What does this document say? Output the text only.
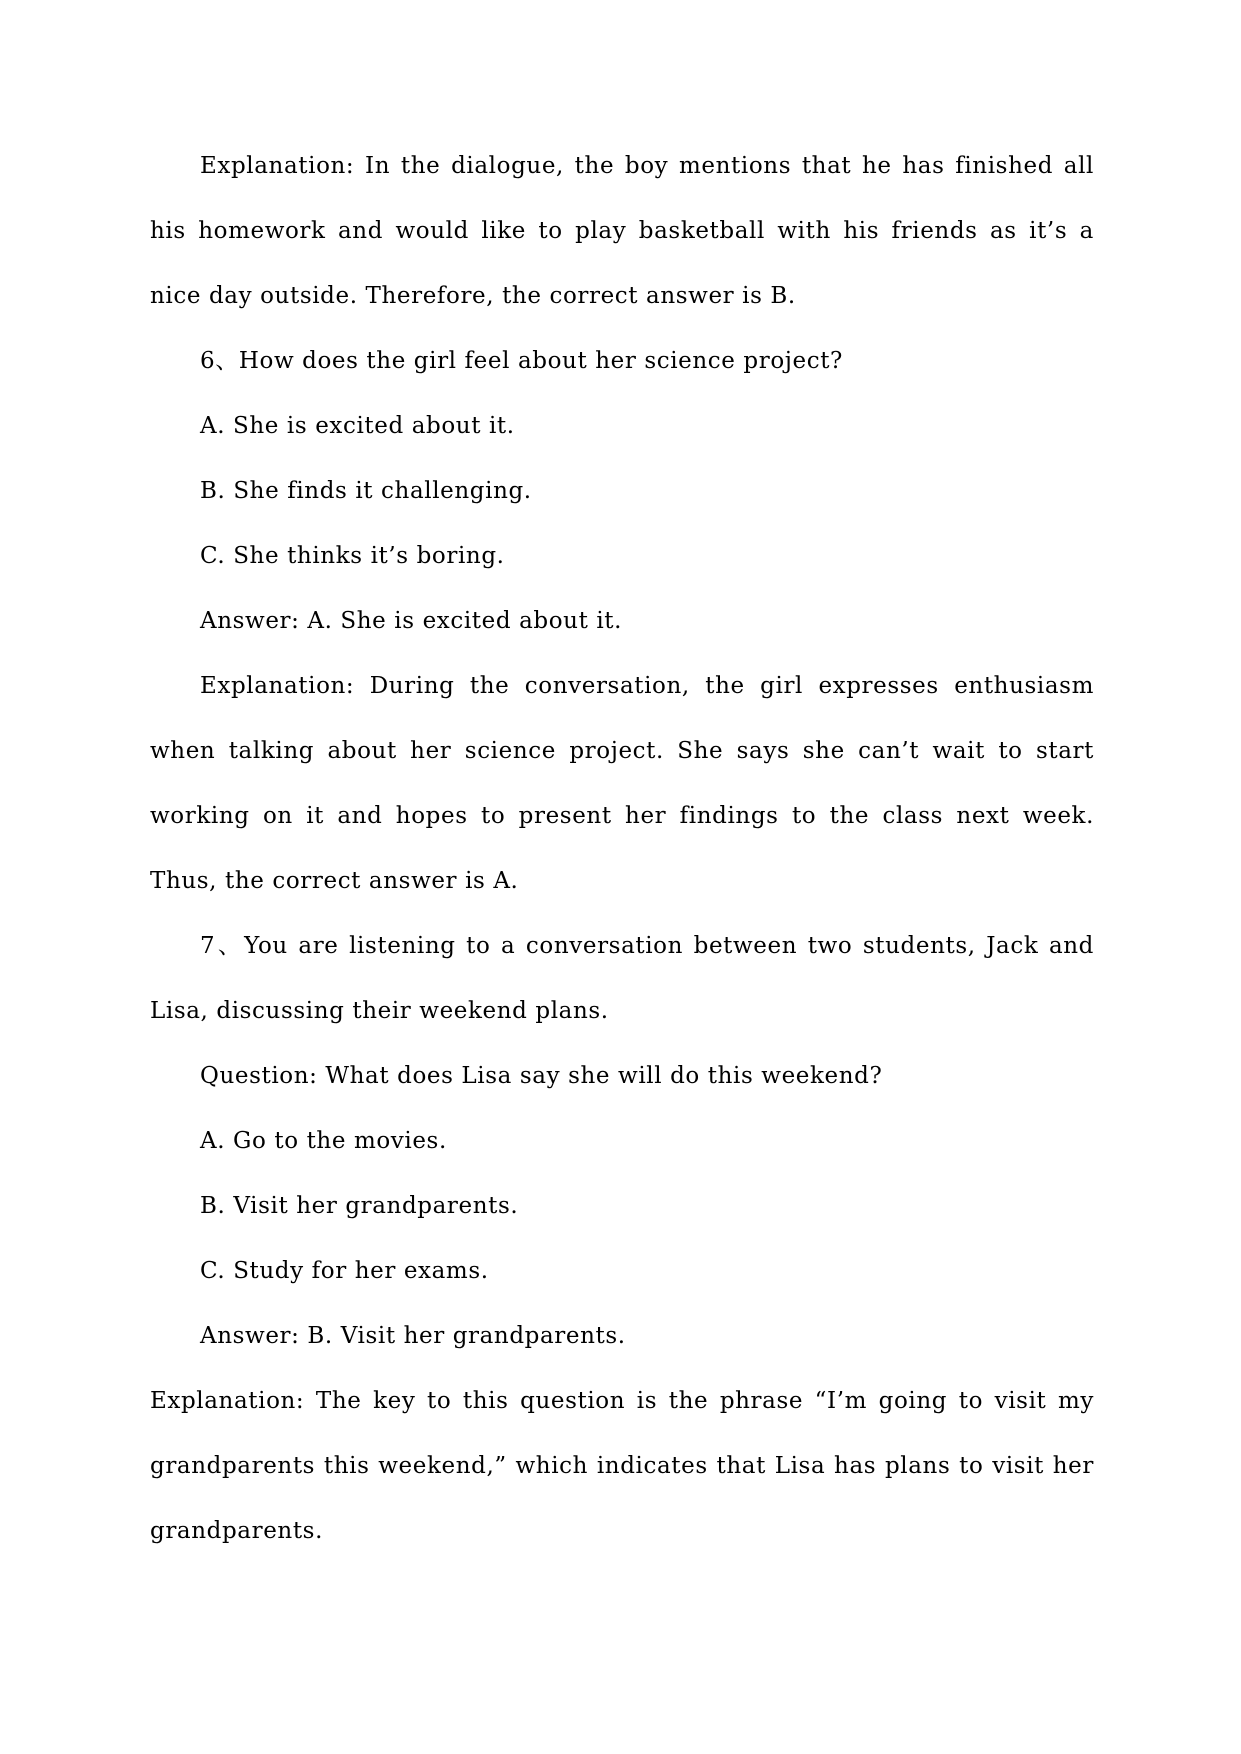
Explanation: In the dialogue, the boy mentions that he has finished all his homework and would like to play basketball with his friends as it’s a nice day outside. Therefore, the correct answer is B.

6、How does the girl feel about her science project?

A. She is excited about it.

B. She finds it challenging.

C. She thinks it’s boring.

Answer: A. She is excited about it.

Explanation: During the conversation, the girl expresses enthusiasm when talking about her science project. She says she can’t wait to start working on it and hopes to present her findings to the class next week. Thus, the correct answer is A.

7、You are listening to a conversation between two students, Jack and Lisa, discussing their weekend plans.

Question: What does Lisa say she will do this weekend?

A. Go to the movies.

B. Visit her grandparents.

C. Study for her exams.

Answer: B. Visit her grandparents.

Explanation: The key to this question is the phrase “I’m going to visit my grandparents this weekend,” which indicates that Lisa has plans to visit her grandparents.
